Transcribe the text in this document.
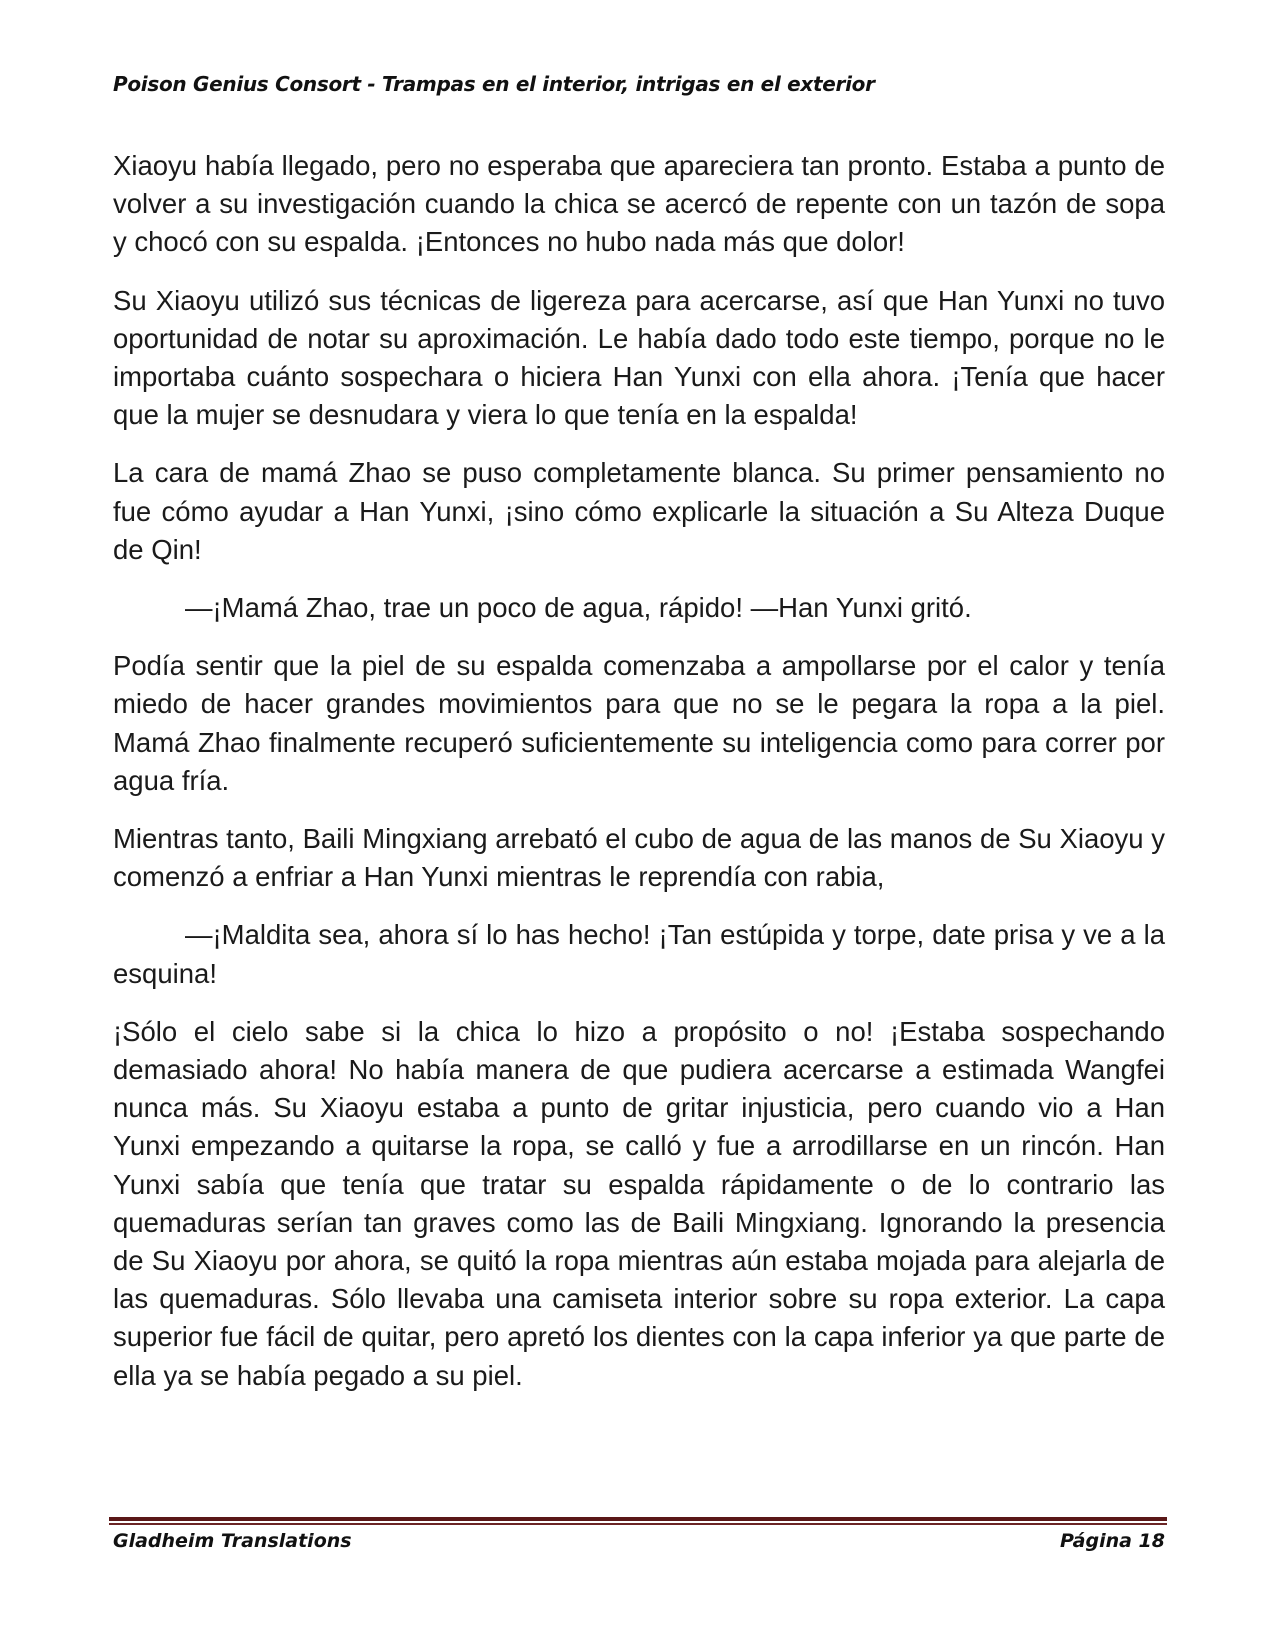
Poison Genius Consort - Trampas en el interior, intrigas en el exterior

Xiaoyu había llegado, pero no esperaba que apareciera tan pronto. Estaba a punto de volver a su investigación cuando la chica se acercó de repente con un tazón de sopa y chocó con su espalda. ¡Entonces no hubo nada más que dolor!

Su Xiaoyu utilizó sus técnicas de ligereza para acercarse, así que Han Yunxi no tuvo oportunidad de notar su aproximación. Le había dado todo este tiempo, porque no le importaba cuánto sospechara o hiciera Han Yunxi con ella ahora. ¡Tenía que hacer que la mujer se desnudara y viera lo que tenía en la espalda!

La cara de mamá Zhao se puso completamente blanca. Su primer pensamiento no fue cómo ayudar a Han Yunxi, ¡sino cómo explicarle la situación a Su Alteza Duque de Qin!

—¡Mamá Zhao, trae un poco de agua, rápido! —Han Yunxi gritó.

Podía sentir que la piel de su espalda comenzaba a ampollarse por el calor y tenía miedo de hacer grandes movimientos para que no se le pegara la ropa a la piel. Mamá Zhao finalmente recuperó suficientemente su inteligencia como para correr por agua fría.

Mientras tanto, Baili Mingxiang arrebató el cubo de agua de las manos de Su Xiaoyu y comenzó a enfriar a Han Yunxi mientras le reprendía con rabia,

—¡Maldita sea, ahora sí lo has hecho! ¡Tan estúpida y torpe, date prisa y ve a la esquina!

¡Sólo el cielo sabe si la chica lo hizo a propósito o no! ¡Estaba sospechando demasiado ahora! No había manera de que pudiera acercarse a estimada Wangfei nunca más. Su Xiaoyu estaba a punto de gritar injusticia, pero cuando vio a Han Yunxi empezando a quitarse la ropa, se calló y fue a arrodillarse en un rincón. Han Yunxi sabía que tenía que tratar su espalda rápidamente o de lo contrario las quemaduras serían tan graves como las de Baili Mingxiang. Ignorando la presencia de Su Xiaoyu por ahora, se quitó la ropa mientras aún estaba mojada para alejarla de las quemaduras. Sólo llevaba una camiseta interior sobre su ropa exterior. La capa superior fue fácil de quitar, pero apretó los dientes con la capa inferior ya que parte de ella ya se había pegado a su piel.

Gladheim Translations	Página 18
